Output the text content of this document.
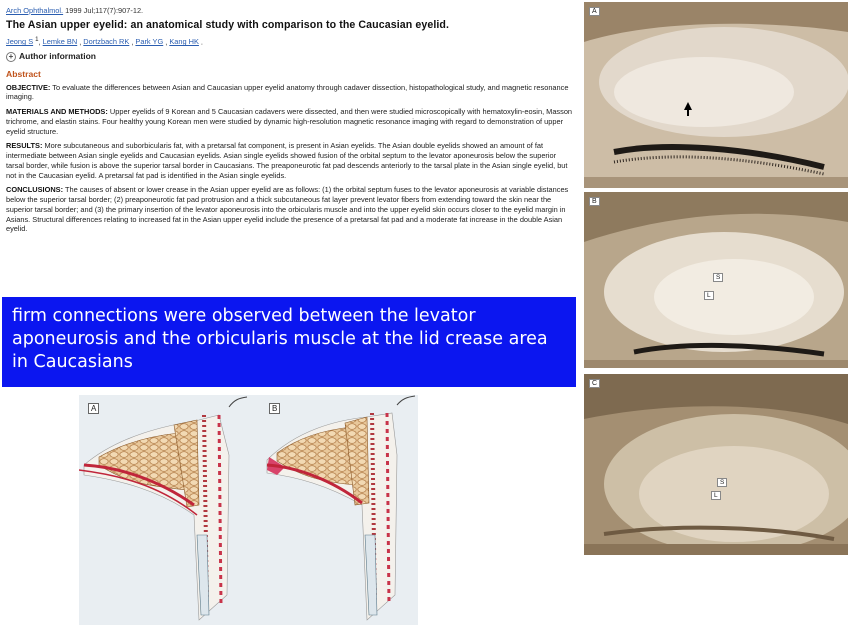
Arch Ophthalmol. 1999 Jul;117(7):907-12.
The Asian upper eyelid: an anatomical study with comparison to the Caucasian eyelid.
Jeong S $^1$, Lemke BN , Dortzbach RK , Park YG , Kang HK .
+ Author information
Abstract
OBJECTIVE: To evaluate the differences between Asian and Caucasian upper eyelid anatomy through cadaver dissection, histopathological study, and magnetic resonance imaging.
MATERIALS AND METHODS: Upper eyelids of 9 Korean and 5 Caucasian cadavers were dissected, and then were studied microscopically with hematoxylin-eosin, Masson trichrome, and elastin stains. Four healthy young Korean men were studied by dynamic high-resolution magnetic resonance imaging with regard to demonstration of upper eyelid structure.
RESULTS: More subcutaneous and suborbicularis fat, with a pretarsal fat component, is present in Asian eyelids. The Asian double eyelids showed an amount of fat intermediate between Asian single eyelids and Caucasian eyelids. Asian single eyelids showed fusion of the orbital septum to the levator aponeurosis below the superior tarsal border, while fusion is above the superior tarsal border in Caucasians. The preaponeurotic fat pad descends anteriorly to the tarsal plate in the Asian single eyelid, but not in the Caucasian eyelid. A pretarsal fat pad is identified in the Asian single eyelids.
CONCLUSIONS: The causes of absent or lower crease in the Asian upper eyelid are as follows: (1) the orbital septum fuses to the levator aponeurosis at variable distances below the superior tarsal border; (2) preaponeurotic fat pad protrusion and a thick subcutaneous fat layer prevent levator fibers from extending toward the skin near the superior tarsal border; and (3) the primary insertion of the levator aponeurosis into the orbicularis muscle and into the upper eyelid skin occurs closer to the eyelid margin in Asians. Structural differences relating to increased fat in the Asian upper eyelid include the presence of a pretarsal fat pad and a moderate fat increase in the double Asian eyelid.
firm connections were observed between the levator aponeurosis and the orbicularis muscle at the lid crease area in Caucasians
A	B
A
B
S
L
C
S
L
